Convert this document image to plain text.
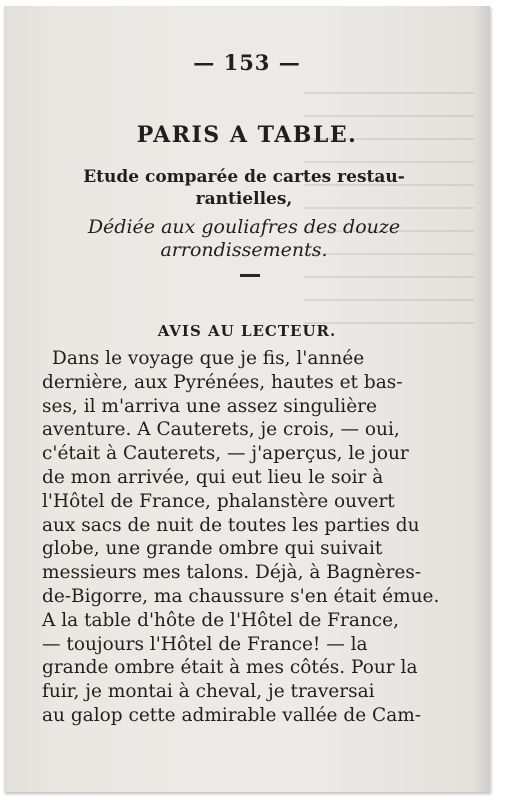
— 153 —
PARIS A TABLE.
Etude comparée de cartes restau-
rantielles,
Dédiée aux gouliafres des douze
arrondissements.
AVIS AU LECTEUR.
Dans le voyage que je fis, l'année
dernière, aux Pyrénées, hautes et bas-
ses, il m'arriva une assez singulière
aventure. A Cauterets, je crois, — oui,
c'était à Cauterets, — j'aperçus, le jour
de mon arrivée, qui eut lieu le soir à
l'Hôtel de France, phalanstère ouvert
aux sacs de nuit de toutes les parties du
globe, une grande ombre qui suivait
messieurs mes talons. Déjà, à Bagnères-
de-Bigorre, ma chaussure s'en était émue.
A la table d'hôte de l'Hôtel de France,
— toujours l'Hôtel de France! — la
grande ombre était à mes côtés. Pour la
fuir, je montai à cheval, je traversai
au galop cette admirable vallée de Cam-
